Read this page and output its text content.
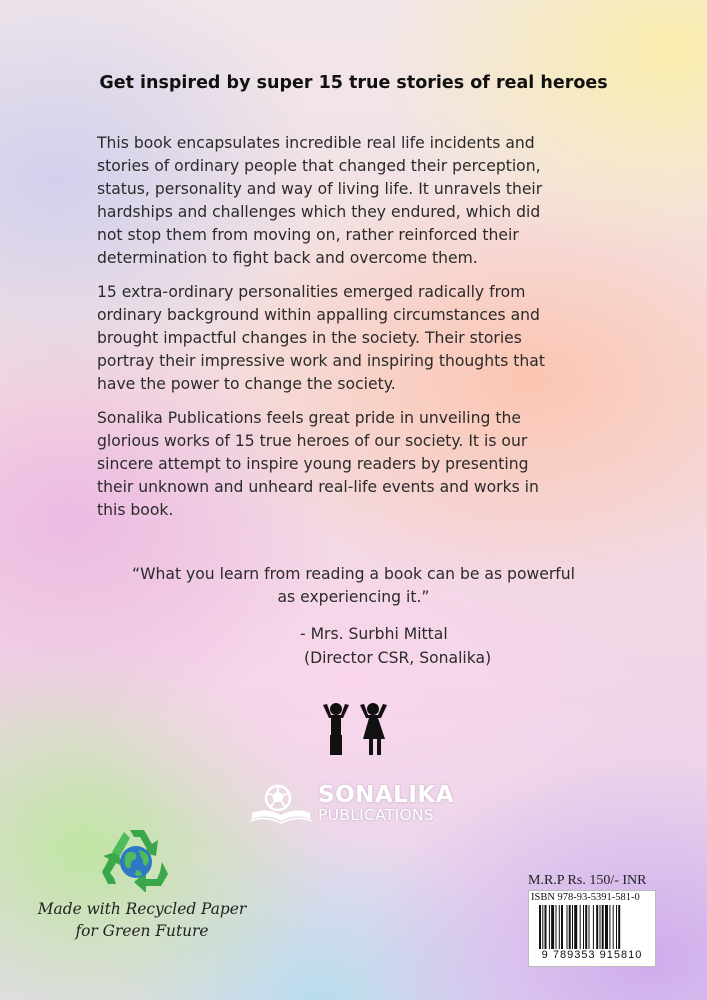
Get inspired by super 15 true stories of real heroes
This book encapsulates incredible real life incidents and
stories of ordinary people that changed their perception,
status, personality and way of living life. It unravels their
hardships and challenges which they endured, which did
not stop them from moving on, rather reinforced their
determination to fight back and overcome them.
15 extra-ordinary personalities emerged radically from
ordinary background within appalling circumstances and
brought impactful changes in the society. Their stories
portray their impressive work and inspiring thoughts that
have the power to change the society.
Sonalika Publications feels great pride in unveiling the
glorious works of 15 true heroes of our society. It is our
sincere attempt to inspire young readers by presenting
their unknown and unheard real-life events and works in
this book.
“What you learn from reading a book can be as powerful
as experiencing it.”
- Mrs. Surbhi Mittal
(Director CSR, Sonalika)
SONALIKA
PUBLICATIONS
Made with Recycled Paper
for Green Future
M.R.P Rs. 150/- INR
ISBN 978-93-5391-581-0
9 789353 915810
